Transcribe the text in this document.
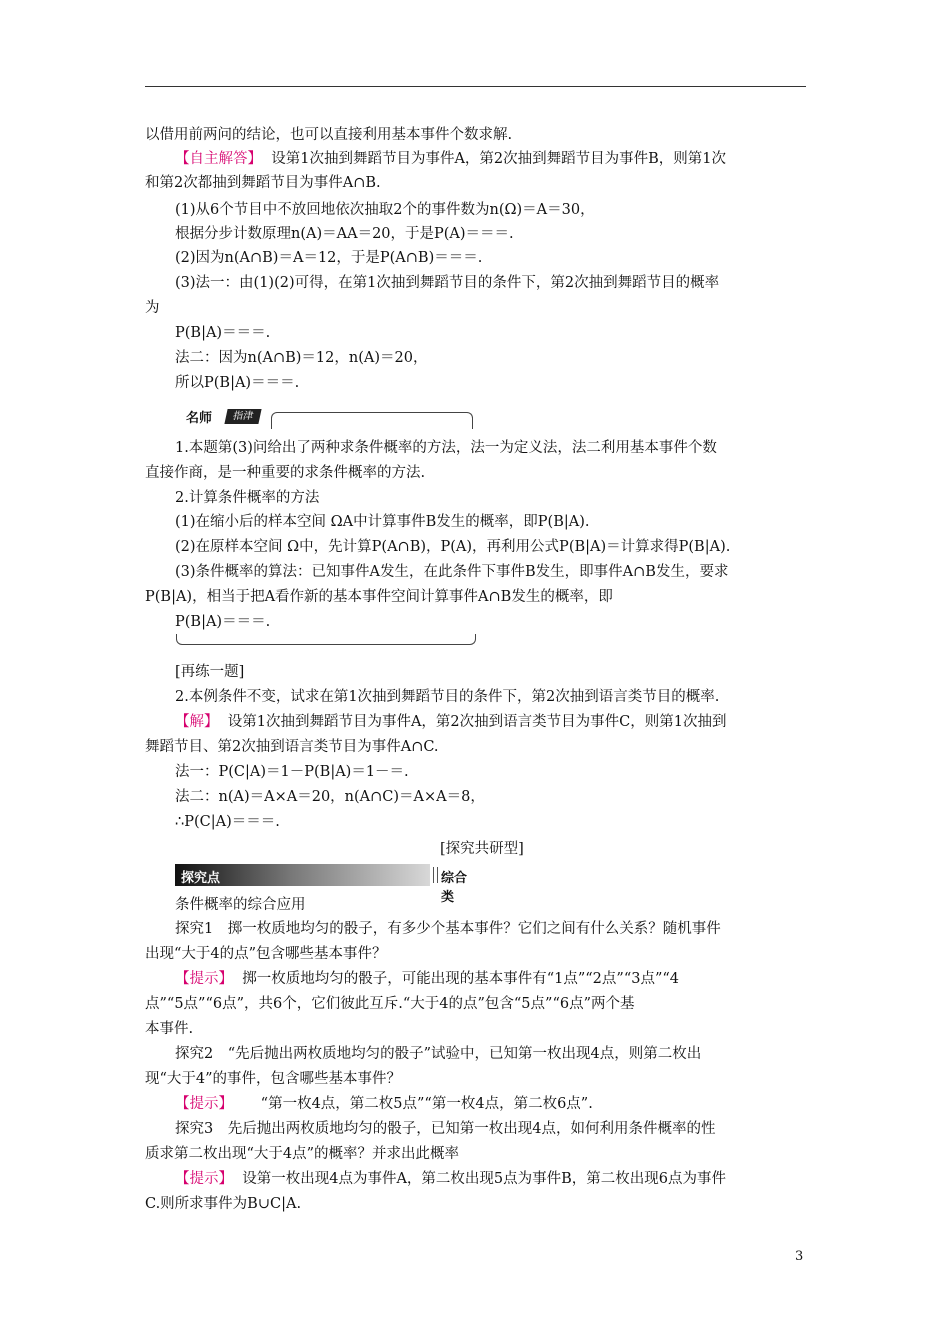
以借用前两问的结论，也可以直接利用基本事件个数求解.
【自主解答】 设第1次抽到舞蹈节目为事件A，第2次抽到舞蹈节目为事件B，则第1次
和第2次都抽到舞蹈节目为事件A∩B.
(1)从6个节目中不放回地依次抽取2个的事件数为n(Ω)＝A＝30，
根据分步计数原理n(A)＝AA＝20，于是P(A)＝＝＝.
(2)因为n(A∩B)＝A＝12，于是P(A∩B)＝＝＝.
(3)法一：由(1)(2)可得，在第1次抽到舞蹈节目的条件下，第2次抽到舞蹈节目的概率
为
P(B|A)＝＝＝.
法二：因为n(A∩B)＝12，n(A)＝20，
所以P(B|A)＝＝＝.
名师	指津
1.本题第(3)问给出了两种求条件概率的方法，法一为定义法，法二利用基本事件个数
直接作商，是一种重要的求条件概率的方法.
2.计算条件概率的方法
(1)在缩小后的样本空间 ΩA中计算事件B发生的概率，即P(B|A).
(2)在原样本空间 Ω中，先计算P(A∩B)，P(A)，再利用公式P(B|A)＝计算求得P(B|A).
(3)条件概率的算法：已知事件A发生，在此条件下事件B发生，即事件A∩B发生，要求
P(B|A)，相当于把A看作新的基本事件空间计算事件A∩B发生的概率，即
P(B|A)＝＝＝.
[再练一题]
2.本例条件不变，试求在第1次抽到舞蹈节目的条件下，第2次抽到语言类节目的概率.
【解】 设第1次抽到舞蹈节目为事件A，第2次抽到语言类节目为事件C，则第1次抽到
舞蹈节目、第2次抽到语言类节目为事件A∩C.
法一：P(C|A)＝1－P(B|A)＝1－＝.
法二：n(A)＝A×A＝20，n(A∩C)＝A×A＝8，
∴P(C|A)＝＝＝.
[探究共研型]
探究点	综合类
条件概率的综合应用
探究1　掷一枚质地均匀的骰子，有多少个基本事件？它们之间有什么关系？随机事件
出现“大于4的点”包含哪些基本事件？
【提示】 掷一枚质地均匀的骰子，可能出现的基本事件有“1点”“2点”“3点”“4
点”“5点”“6点”，共6个，它们彼此互斥.“大于4的点”包含“5点”“6点”两个基
本事件.
探究2　“先后抛出两枚质地均匀的骰子”试验中，已知第一枚出现4点，则第二枚出
现“大于4”的事件，包含哪些基本事件？
【提示】 “第一枚4点，第二枚5点”“第一枚4点，第二枚6点”.
探究3　先后抛出两枚质地均匀的骰子，已知第一枚出现4点，如何利用条件概率的性
质求第二枚出现“大于4点”的概率？并求出此概率
【提示】 设第一枚出现4点为事件A，第二枚出现5点为事件B，第二枚出现6点为事件
C.则所求事件为B∪C|A.
3
